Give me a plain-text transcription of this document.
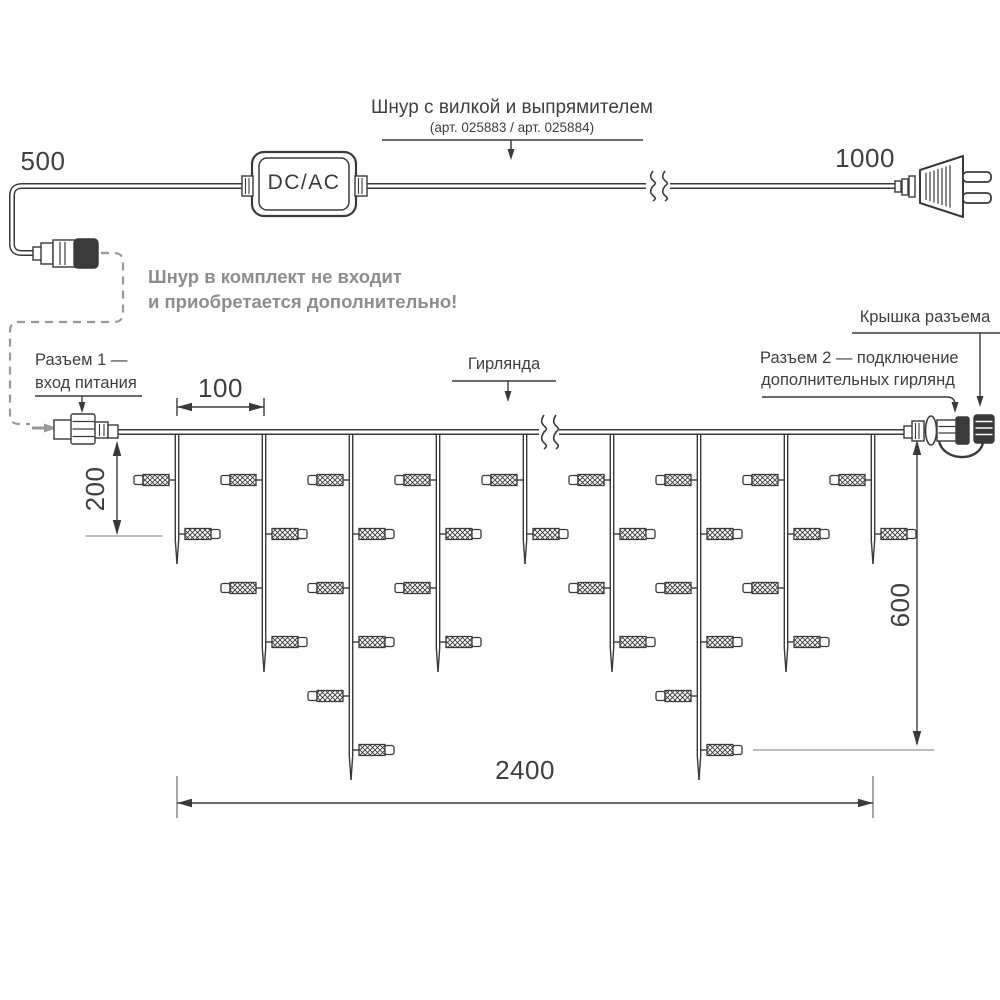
Шнур с вилкой и выпрямителем
(арт. 025883 / арт. 025884)
500	1000
DC/AC
Шнур в комплект не входит
и приобретается дополнительно!
Разъем 1 —
вход питания
Гирлянда
Крышка разъема
Разъем 2 — подключение
дополнительных гирлянд
100
200
600
2400
